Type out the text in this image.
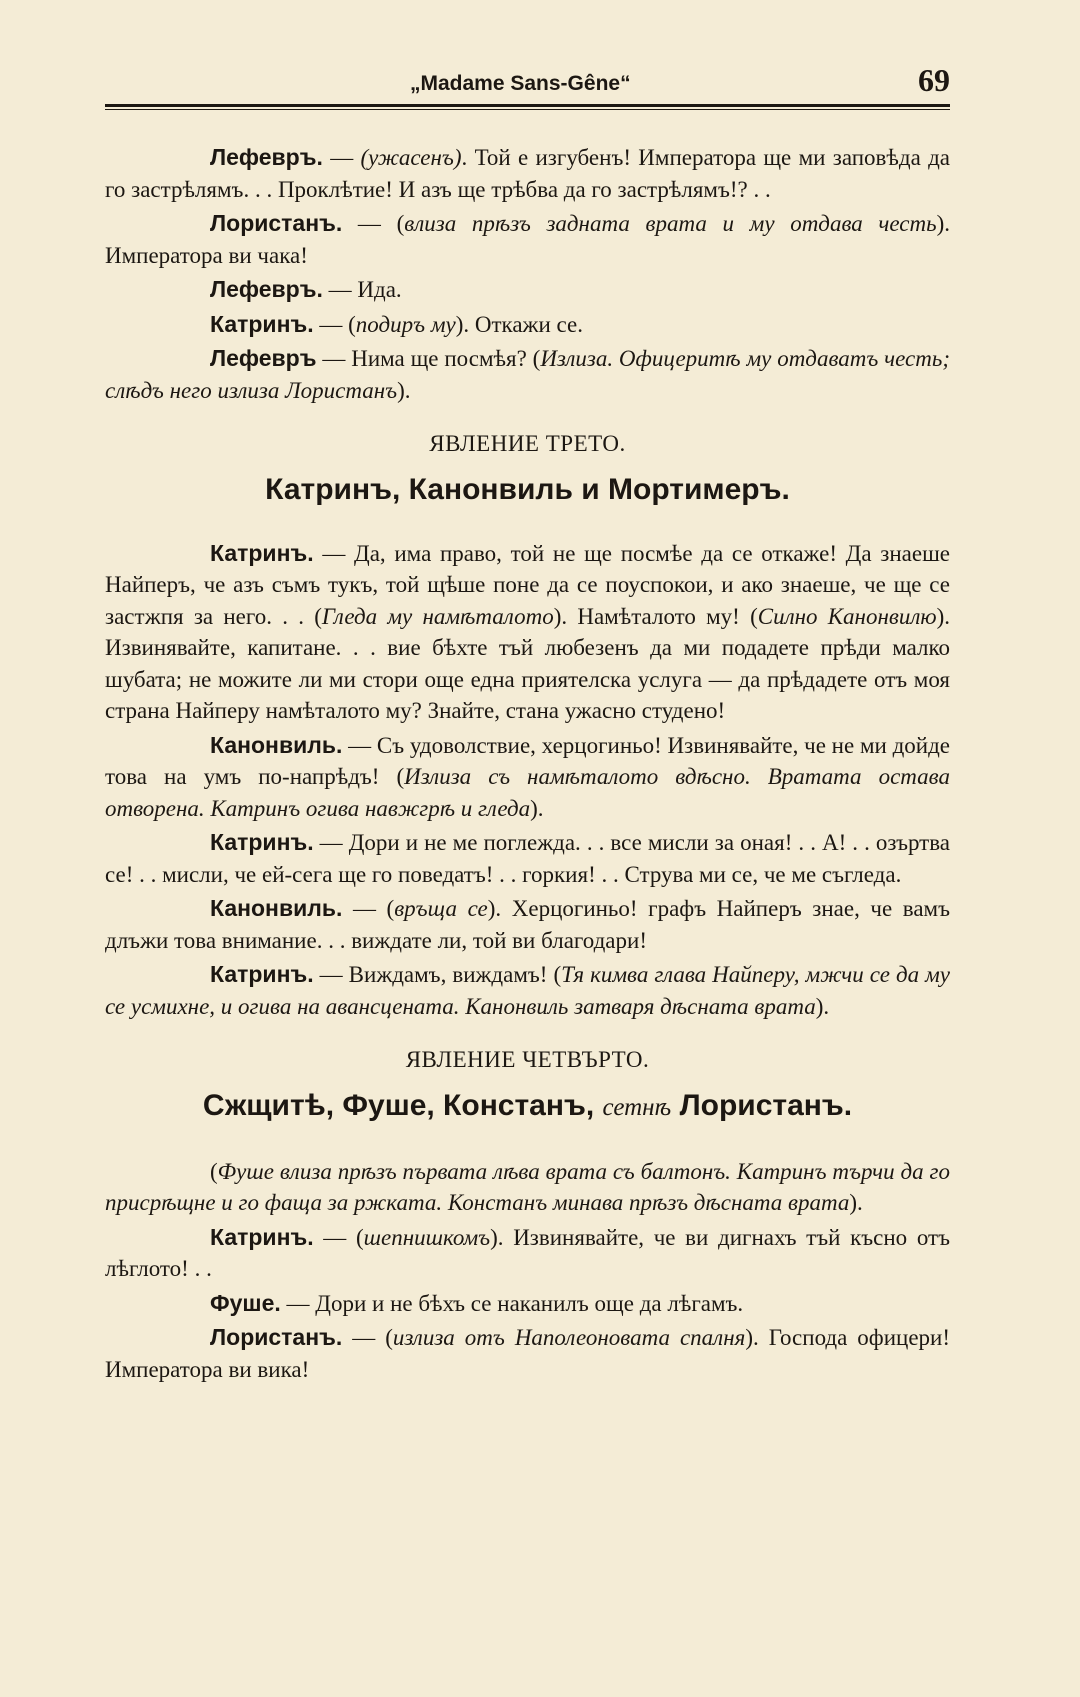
„Madame Sans-Gêne“	69

Лефевръ. — (ужасенъ). Той е изгубенъ! Императора ще ми заповѣда да го застрѣлямъ. . . Проклѣтие! И азъ ще трѣбва да го застрѣлямъ!? . .

Лористанъ. — (влиза прѣзъ задната врата и му отдава честь). Императора ви чака!

Лефевръ. — Ида.

Катринъ. — (подиръ му). Откажи се.

Лефевръ — Нима ще посмѣя? (Излиза. Офицеритѣ му отдаватъ честь; слѣдъ него излиза Лористанъ).

ЯВЛЕНИЕ ТРЕТО.
Катринъ, Канонвиль и Мортимеръ.

Катринъ. — Да, има право, той не ще посмѣе да се откаже! Да знаеше Найперъ, че азъ съмъ тукъ, той щѣше поне да се поуспокои, и ако знаеше, че ще се застжпя за него. . . (Гледа му намѣталото). Намѣталото му! (Силно Канонвилю). Извинявайте, капитане. . . вие бѣхте тъй любезенъ да ми подадете прѣди малко шубата; не можите ли ми стори още една приятелска услуга — да прѣдадете отъ моя страна Найперу намѣталото му? Знайте, стана ужасно студено!

Канонвиль. — Съ удоволствие, херцогиньо! Извинявайте, че не ми дойде това на умъ по-напрѣдъ! (Излиза съ намѣталото вдѣсно. Вратата остава отворена. Катринъ огива навжгрѣ и гледа).

Катринъ. — Дори и не ме поглежда. . . все мисли за оная! . . А! . . озъртва се! . . мисли, че ей-сега ще го поведатъ! . . горкия! . . Струва ми се, че ме съгледа.

Канонвиль. — (връща се). Херцогиньо! графъ Найперъ знае, че вамъ длъжи това внимание. . . виждате ли, той ви благодари!

Катринъ. — Виждамъ, виждамъ! (Тя кимва глава Найперу, мжчи се да му се усмихне, и огива на авансцената. Канонвиль затваря дѣсната врата).

ЯВЛЕНИЕ ЧЕТВЪРТО.
Сжщитѣ, Фуше, Констанъ, сетнѣ Лористанъ.

(Фуше влиза прѣзъ първата лѣва врата съ балтонъ. Катринъ търчи да го присрѣщне и го фаща за ржката. Констанъ минава прѣзъ дѣсната врата).

Катринъ. — (шепнишкомъ). Извинявайте, че ви дигнахъ тъй късно отъ лѣглото! . .

Фуше. — Дори и не бѣхъ се наканилъ още да лѣгамъ.

Лористанъ. — (излиза отъ Наполеоновата спалня). Господа офицери! Императора ви вика!
